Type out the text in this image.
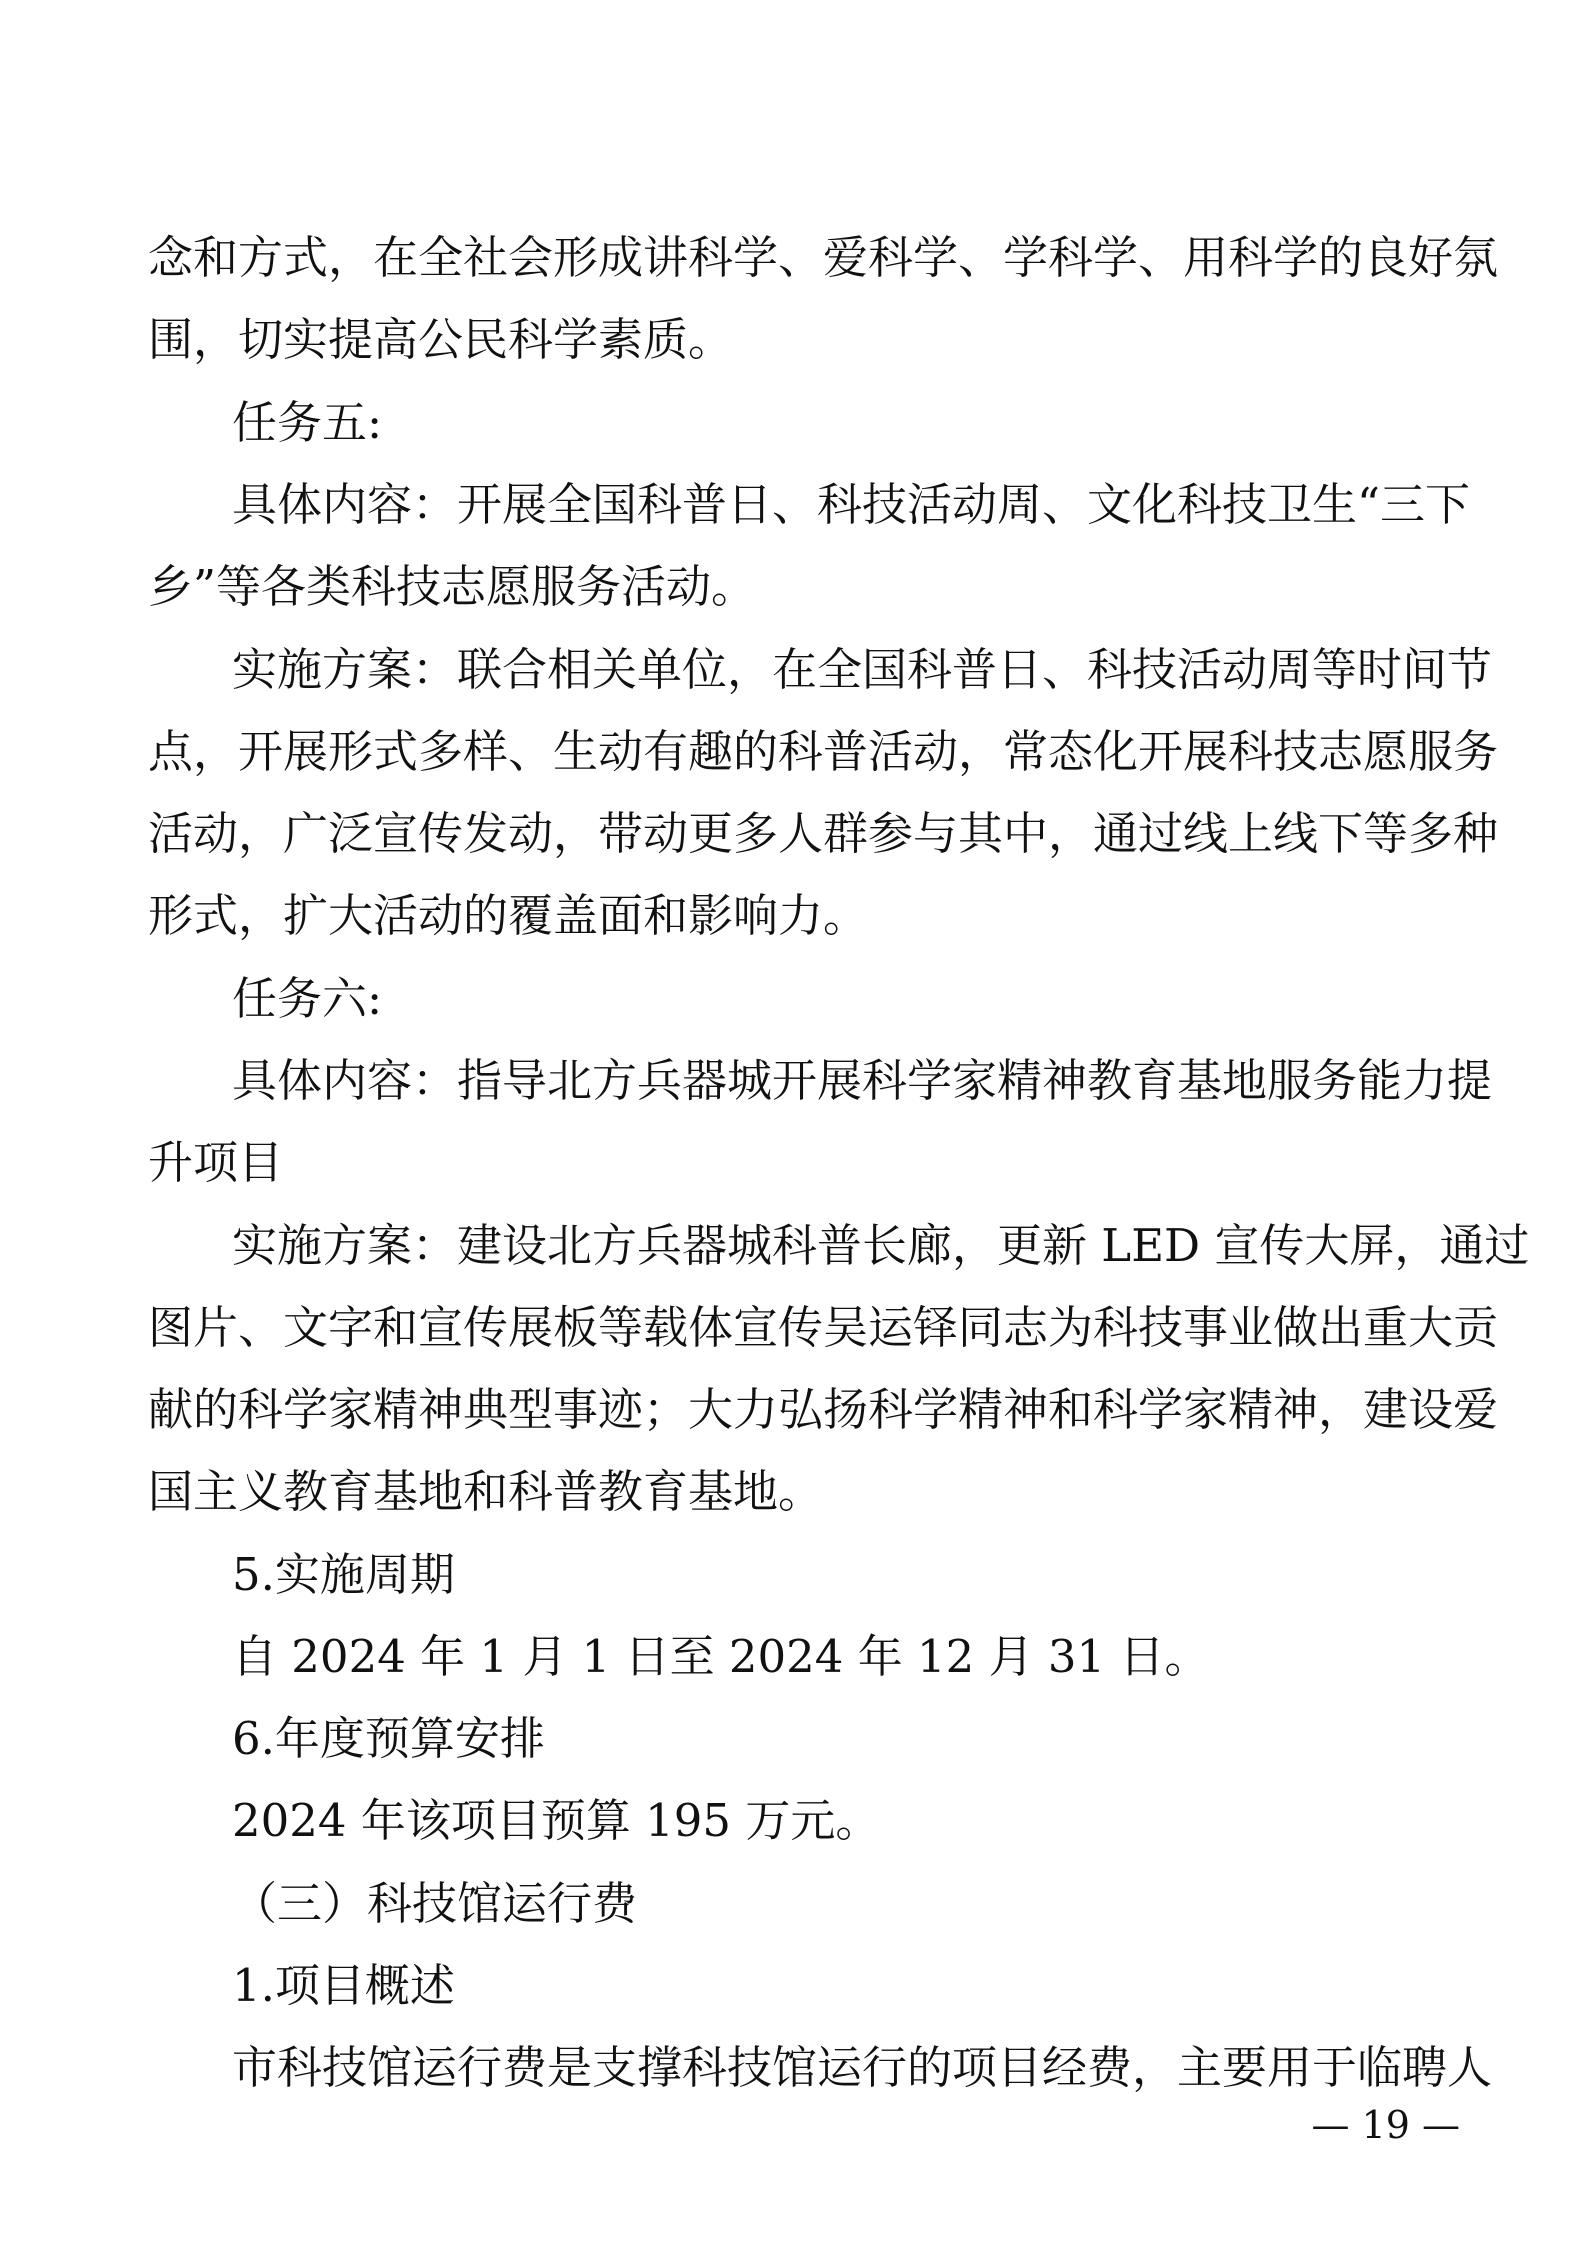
念和方式，在全社会形成讲科学、爱科学、学科学、用科学的良好氛
围，切实提高公民科学素质。
任务五:
具体内容：开展全国科普日、科技活动周、文化科技卫生“三下
乡”等各类科技志愿服务活动。
实施方案：联合相关单位，在全国科普日、科技活动周等时间节
点，开展形式多样、生动有趣的科普活动，常态化开展科技志愿服务
活动，广泛宣传发动，带动更多人群参与其中，通过线上线下等多种
形式，扩大活动的覆盖面和影响力。
任务六:
具体内容：指导北方兵器城开展科学家精神教育基地服务能力提
升项目
实施方案：建设北方兵器城科普长廊，更新 LED 宣传大屏，通过
图片、文字和宣传展板等载体宣传吴运铎同志为科技事业做出重大贡
献的科学家精神典型事迹；大力弘扬科学精神和科学家精神，建设爱
国主义教育基地和科普教育基地。
5.实施周期
自 2024 年 1 月 1 日至 2024 年 12 月 31 日。
6.年度预算安排
2024 年该项目预算 195 万元。
（三）科技馆运行费
1.项目概述
市科技馆运行费是支撑科技馆运行的项目经费，主要用于临聘人
— 19 —
